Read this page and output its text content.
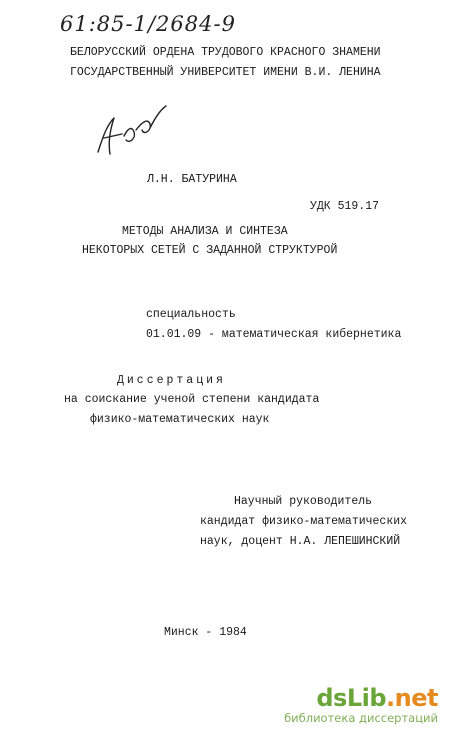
61:85-1/2684-9
БЕЛОРУССКИЙ ОРДЕНА ТРУДОВОГО КРАСНОГО ЗНАМЕНИ
ГОСУДАРСТВЕННЫЙ УНИВЕРСИТЕТ ИМЕНИ В.И. ЛЕНИНА
Л.Н. БАТУРИНА
УДК 519.17
МЕТОДЫ АНАЛИЗА И СИНТЕЗА
НЕКОТОРЫХ СЕТЕЙ С ЗАДАННОЙ СТРУКТУРОЙ
специальность
01.01.09 - математическая кибернетика
Диссертация
на соискание ученой степени кандидата
физико-математических наук
Научный руководитель
кандидат физико-математических
наук, доцент Н.А. ЛЕПЕШИНСКИЙ
Минск - 1984
dsLib.net
библиотека диссертаций
